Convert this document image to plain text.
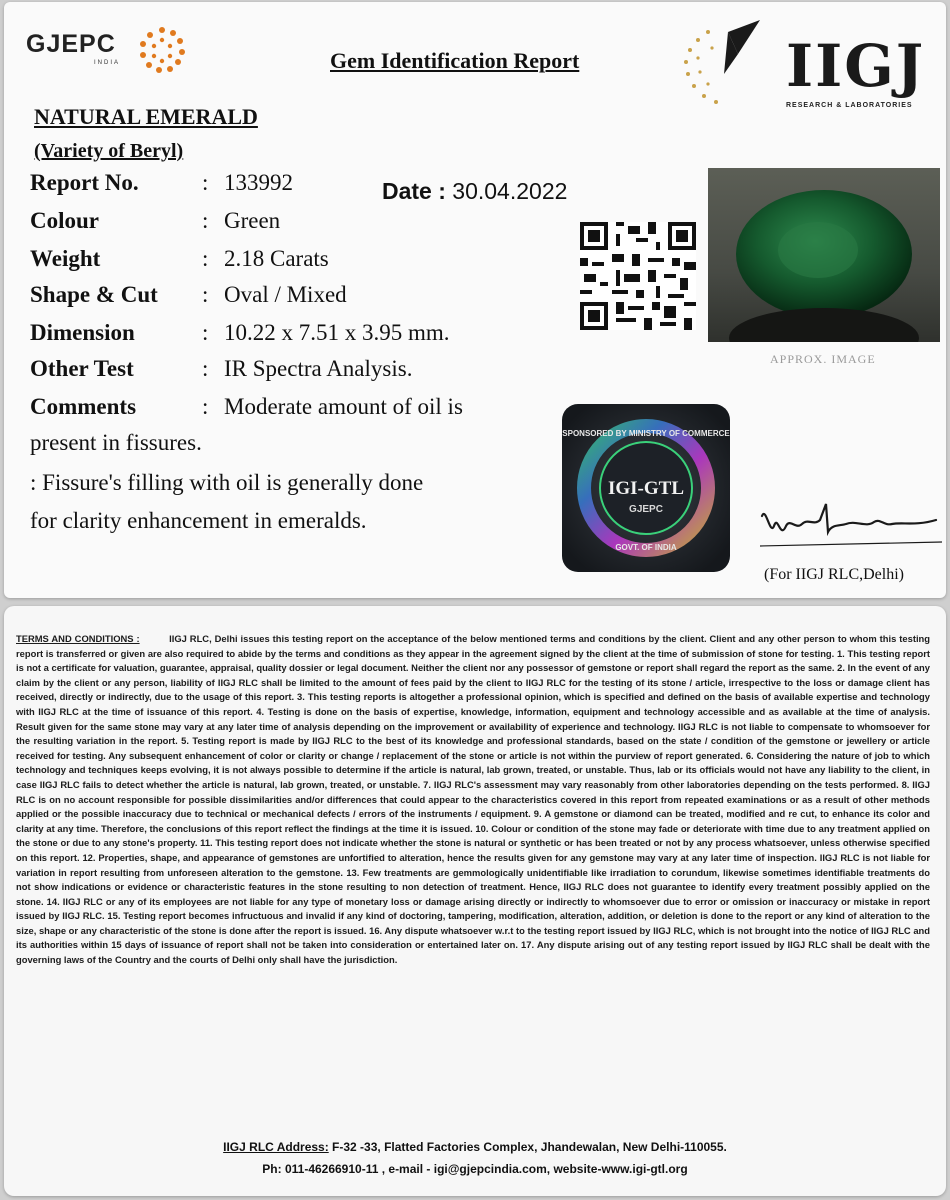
GJEPC
INDIA	Gem Identification Report	IIGJ
RESEARCH & LABORATORIES
NATURAL EMERALD
(Variety of Beryl)
Report No.	: 133992	Date : 30.04.2022
Colour	: Green
Weight	: 2.18 Carats
Shape & Cut : Oval / Mixed
Dimension	: 10.22 x 7.51 x 3.95 mm.
Other Test	: IR Spectra Analysis.
Comments	: Moderate amount of oil is
present in fissures.
: Fissure's filling with oil is generally done
for clarity enhancement in emeralds.
APPROX. IMAGE
SPONSORED BY MINISTRY OF COMMERCE
GOVT. OF INDIA
IGI-GTL
GJEPC
(For IIGJ RLC,Delhi)
TERMS AND CONDITIONS :	IIGJ RLC, Delhi issues this testing report on the acceptance of the below mentioned terms and conditions by the client. Client and any other person to whom this testing report is transferred or given are also required to abide by the terms and conditions as they appear in the agreement signed by the client at the time of submission of stone for testing. 1. This testing report is not a certificate for valuation, guarantee, appraisal, quality dossier or legal document. Neither the client nor any possessor of gemstone or report shall regard the report as the same. 2. In the event of any claim by the client or any person, liability of IIGJ RLC shall be limited to the amount of fees paid by the client to IIGJ RLC for the testing of its stone / article, irrespective to the loss or damage client has received, directly or indirectly, due to the usage of this report. 3. This testing reports is altogether a professional opinion, which is specified and defined on the basis of available expertise and technology with IIGJ RLC at the time of issuance of this report. 4. Testing is done on the basis of expertise, knowledge, information, equipment and technology accessible and as available at the time of analysis. Result given for the same stone may vary at any later time of analysis depending on the improvement or availability of experience and technology. IIGJ RLC is not liable to compensate to whomsoever for the resulting variation in the report. 5. Testing report is made by IIGJ RLC to the best of its knowledge and professional standards, based on the state / condition of the gemstone or jewellery or article received for testing. Any subsequent enhancement of color or clarity or change / replacement of the stone or article is not within the purview of report generated. 6. Considering the nature of job to which technology and techniques keeps evolving, it is not always possible to determine if the article is natural, lab grown, treated, or unstable. Thus, lab or its officials would not have any liability to the client, in case IIGJ RLC fails to detect whether the article is natural, lab grown, treated, or unstable. 7. IIGJ RLC's assessment may vary reasonably from other laboratories depending on the tests performed. 8. IIGJ RLC is on no account responsible for possible dissimilarities and/or differences that could appear to the characteristics covered in this report from repeated examinations or as a result of other methods applied or the possible inaccuracy due to technical or mechanical defects / errors of the instruments / equipment. 9. A gemstone or diamond can be treated, modified and re cut, to enhance its color and clarity at any time. Therefore, the conclusions of this report reflect the findings at the time it is issued. 10. Colour or condition of the stone may fade or deteriorate with time due to any treatment applied on the stone or due to any stone's property. 11. This testing report does not indicate whether the stone is natural or synthetic or has been treated or not by any process whatsoever, unless otherwise specified on this report. 12. Properties, shape, and appearance of gemstones are unfortified to alteration, hence the results given for any gemstone may vary at any later time of inspection. IIGJ RLC is not liable for variation in report resulting from unforeseen alteration to the gemstone. 13. Few treatments are gemmologically unidentifiable like irradiation to corundum, likewise sometimes identifiable treatments do not show indications or evidence or characteristic features in the stone resulting to non detection of treatment. Hence, IIGJ RLC does not guarantee to identify every treatment possibly applied on the stone. 14. IIGJ RLC or any of its employees are not liable for any type of monetary loss or damage arising directly or indirectly to whomsoever due to error or omission or inaccuracy or mistake in report issued by IIGJ RLC. 15. Testing report becomes infructuous and invalid if any kind of doctoring, tampering, modification, alteration, addition, or deletion is done to the report or any kind of alteration to the size, shape or any characteristic of the stone is done after the report is issued. 16. Any dispute whatsoever w.r.t to the testing report issued by IIGJ RLC, which is not brought into the notice of IIGJ RLC and its authorities within 15 days of issuance of report shall not be taken into consideration or entertained later on. 17. Any dispute arising out of any testing report issued by IIGJ RLC shall be dealt with the governing laws of the Country and the courts of Delhi only shall have the jurisdiction.
IIGJ RLC Address: F-32 -33, Flatted Factories Complex, Jhandewalan, New Delhi-110055.
Ph: 011-46266910-11 , e-mail - igi@gjepcindia.com, website-www.igi-gtl.org
